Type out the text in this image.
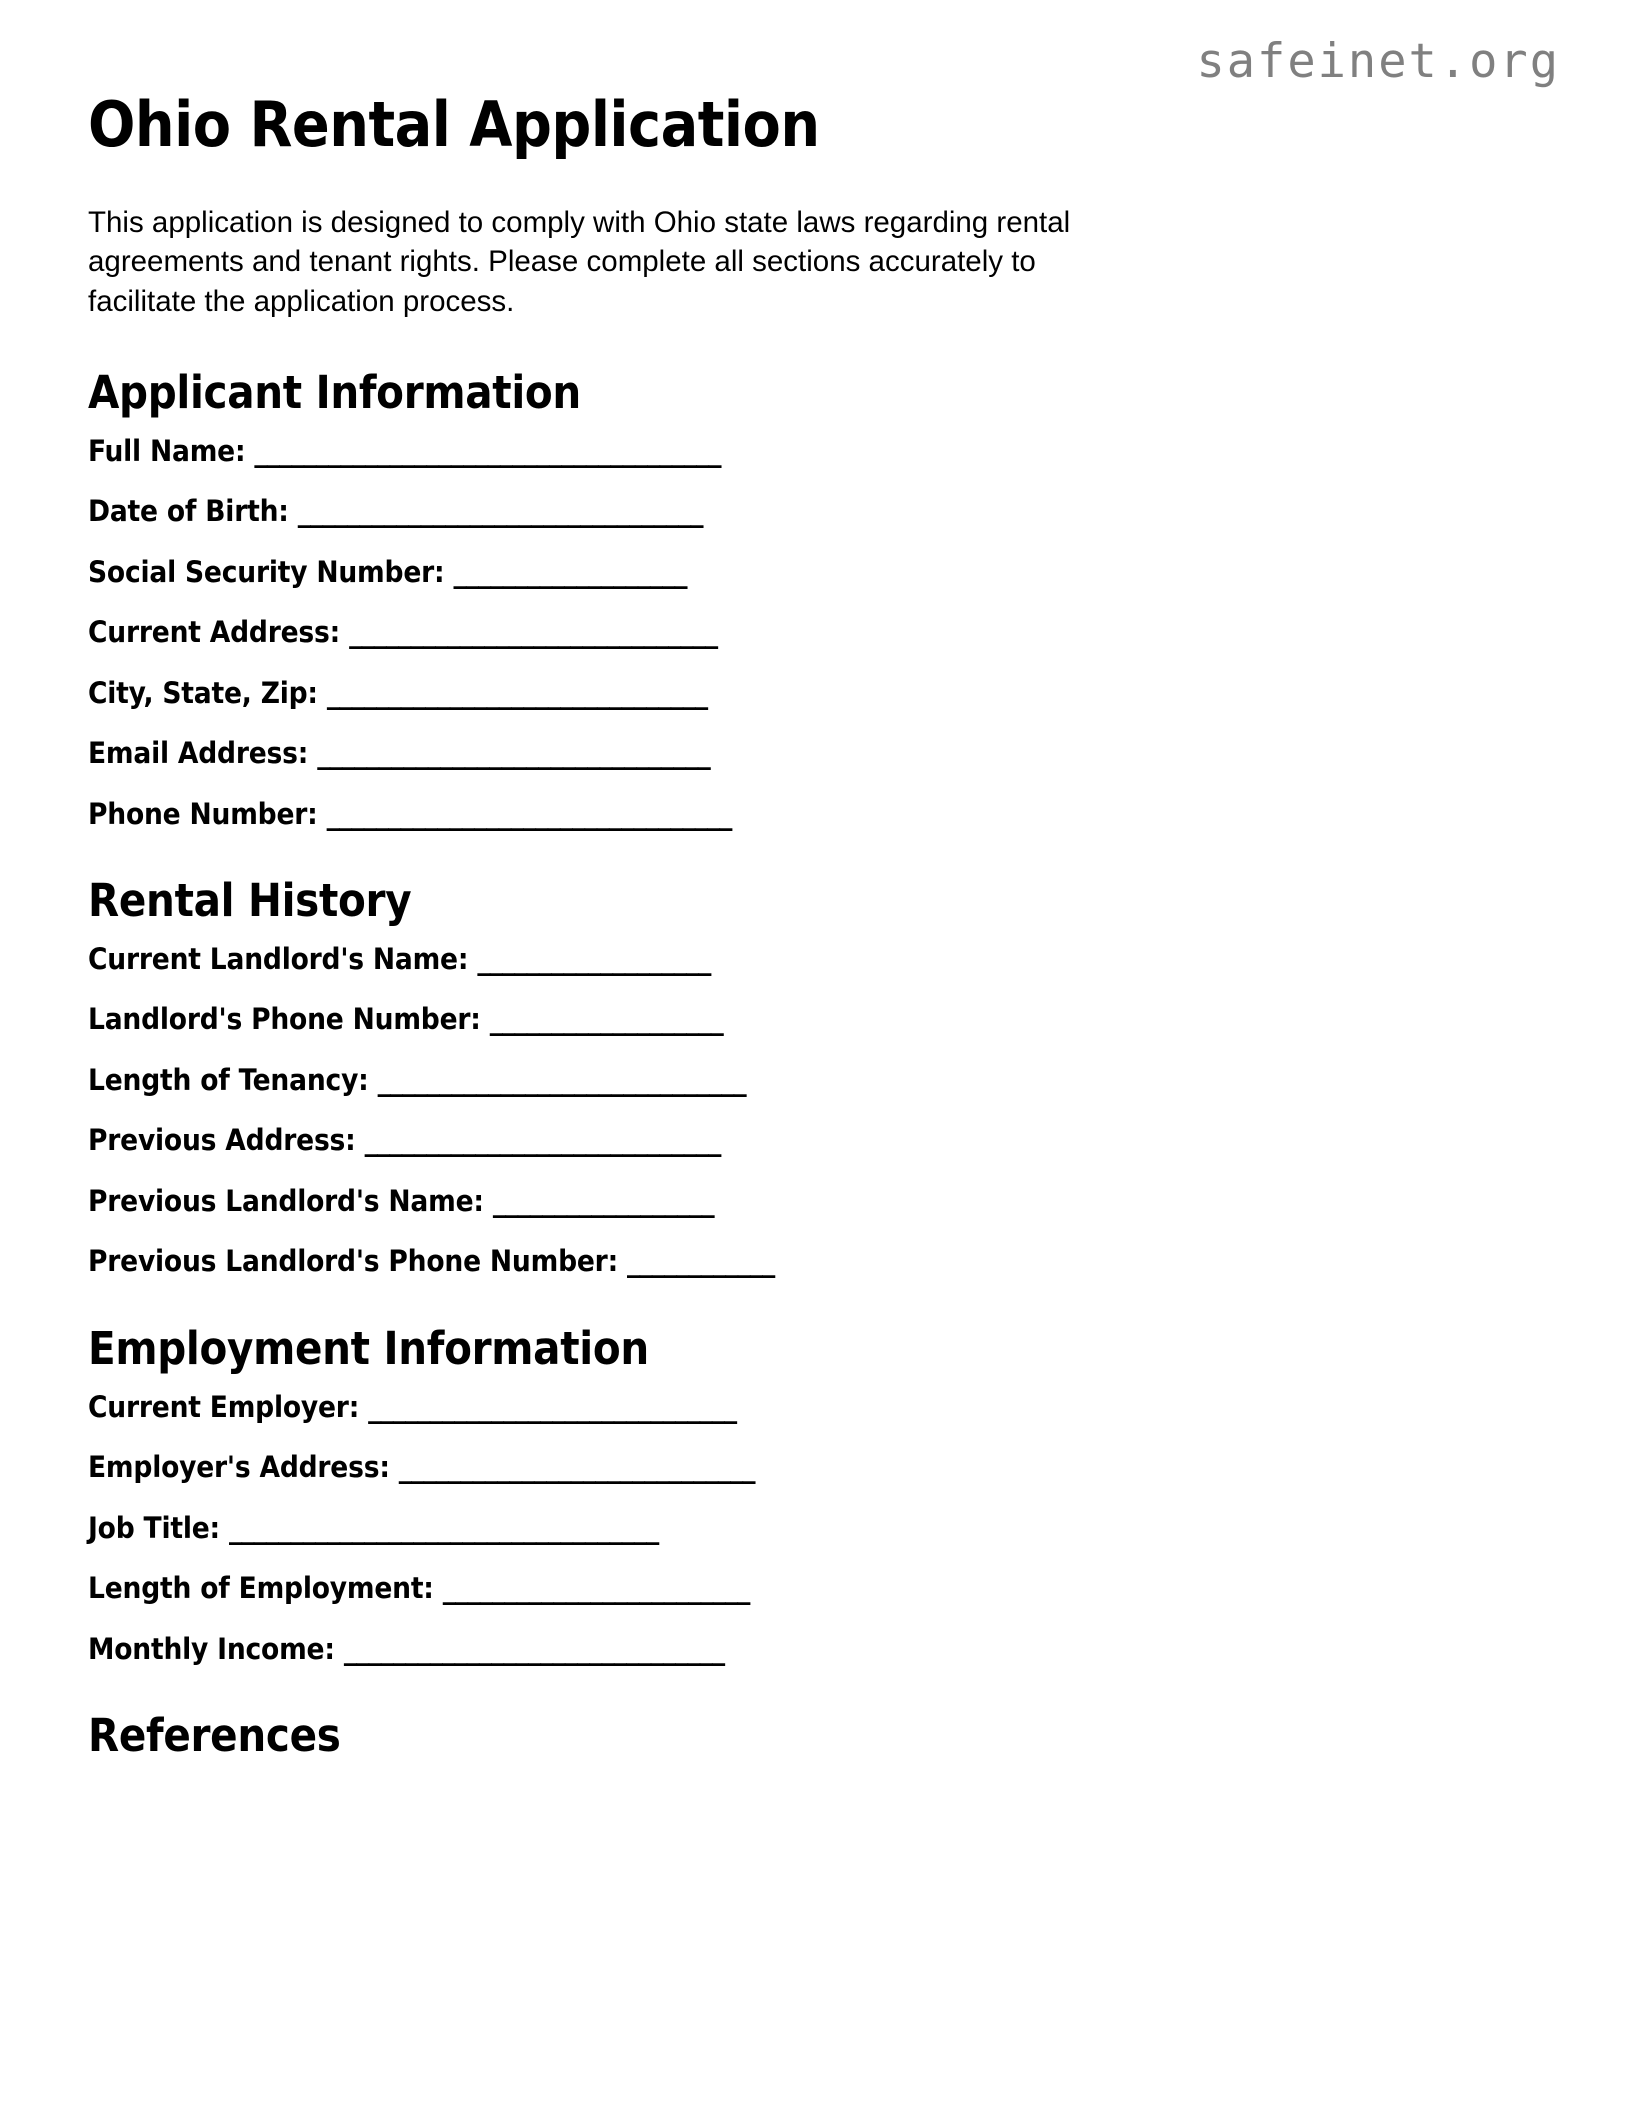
safeinet.org
Ohio Rental Application

This application is designed to comply with Ohio state laws regarding rental agreements and tenant rights. Please complete all sections accurately to facilitate the application process.

Applicant Information
Full Name: ______________________________________
Date of Birth: _________________________________
Social Security Number: ___________________
Current Address: ______________________________
City, State, Zip: _______________________________
Email Address: ________________________________
Phone Number: _________________________________
Rental History
Current Landlord's Name: ___________________
Landlord's Phone Number: ___________________
Length of Tenancy: ______________________________
Previous Address: _____________________________
Previous Landlord's Name: __________________
Previous Landlord's Phone Number: ____________
Employment Information
Current Employer: ______________________________
Employer's Address: _____________________________
Job Title: ___________________________________
Length of Employment: _________________________
Monthly Income: _______________________________
References
